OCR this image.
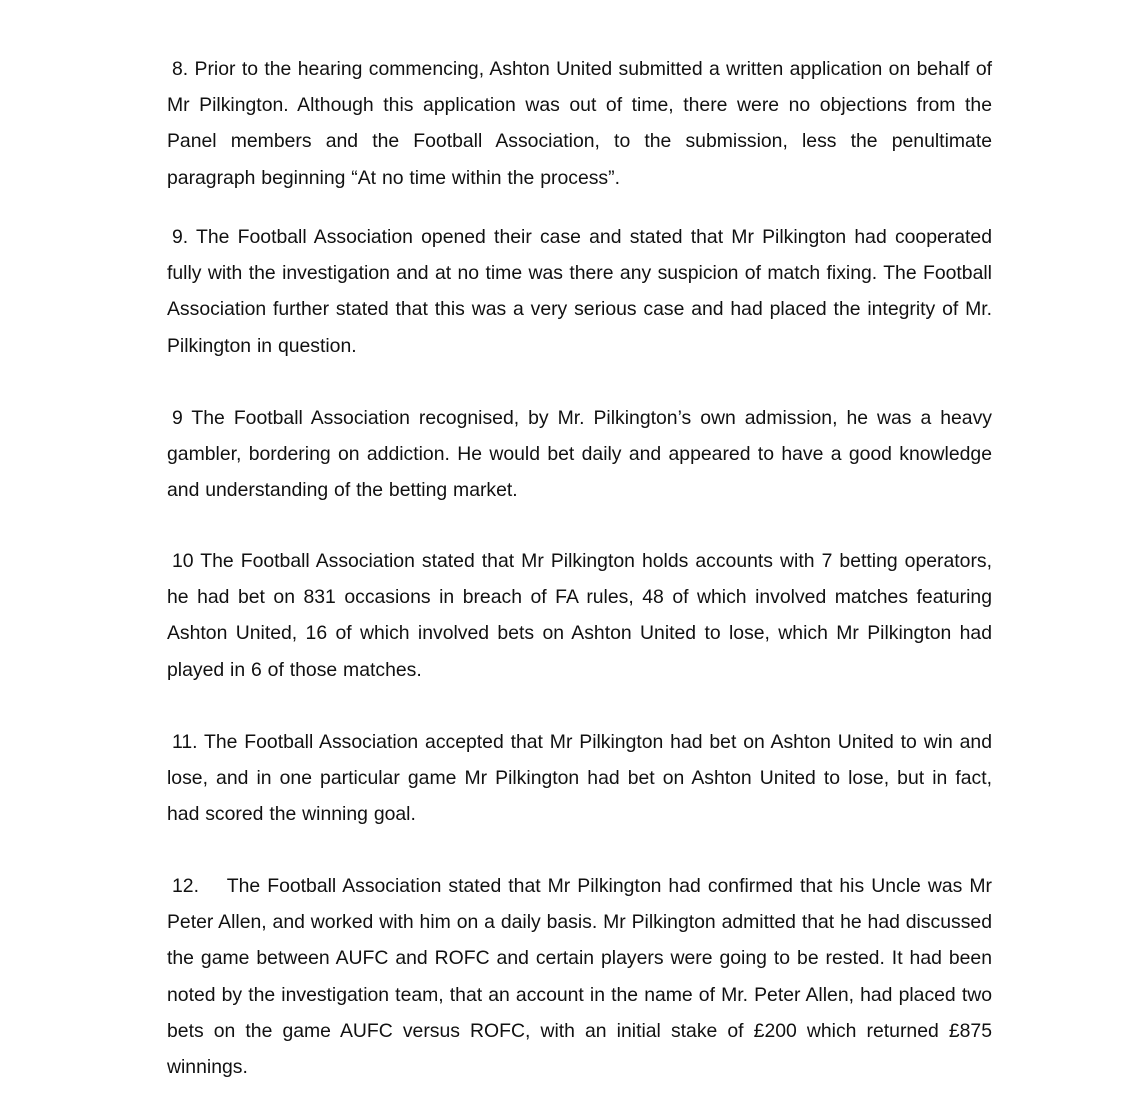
8. Prior to the hearing commencing, Ashton United submitted a written application on behalf of Mr Pilkington. Although this application was out of time, there were no objections from the Panel members and the Football Association, to the submission, less the penultimate paragraph beginning “At no time within the process”.

9. The Football Association opened their case and stated that Mr Pilkington had cooperated fully with the investigation and at no time was there any suspicion of match fixing. The Football Association further stated that this was a very serious case and had placed the integrity of Mr. Pilkington in question.

9 The Football Association recognised, by Mr. Pilkington’s own admission, he was a heavy gambler, bordering on addiction. He would bet daily and appeared to have a good knowledge and understanding of the betting market.

10 The Football Association stated that Mr Pilkington holds accounts with 7 betting operators, he had bet on 831 occasions in breach of FA rules, 48 of which involved matches featuring Ashton United, 16 of which involved bets on Ashton United to lose, which Mr Pilkington had played in 6 of those matches.

11. The Football Association accepted that Mr Pilkington had bet on Ashton United to win and lose, and in one particular game Mr Pilkington had bet on Ashton United to lose, but in fact, had scored the winning goal.

12.    The Football Association stated that Mr Pilkington had confirmed that his Uncle was Mr Peter Allen, and worked with him on a daily basis. Mr Pilkington admitted that he had discussed the game between AUFC and ROFC and certain players were going to be rested. It had been noted by the investigation team, that an account in the name of Mr. Peter Allen, had placed two bets on the game AUFC versus ROFC, with an initial stake of £200 which returned £875 winnings.
